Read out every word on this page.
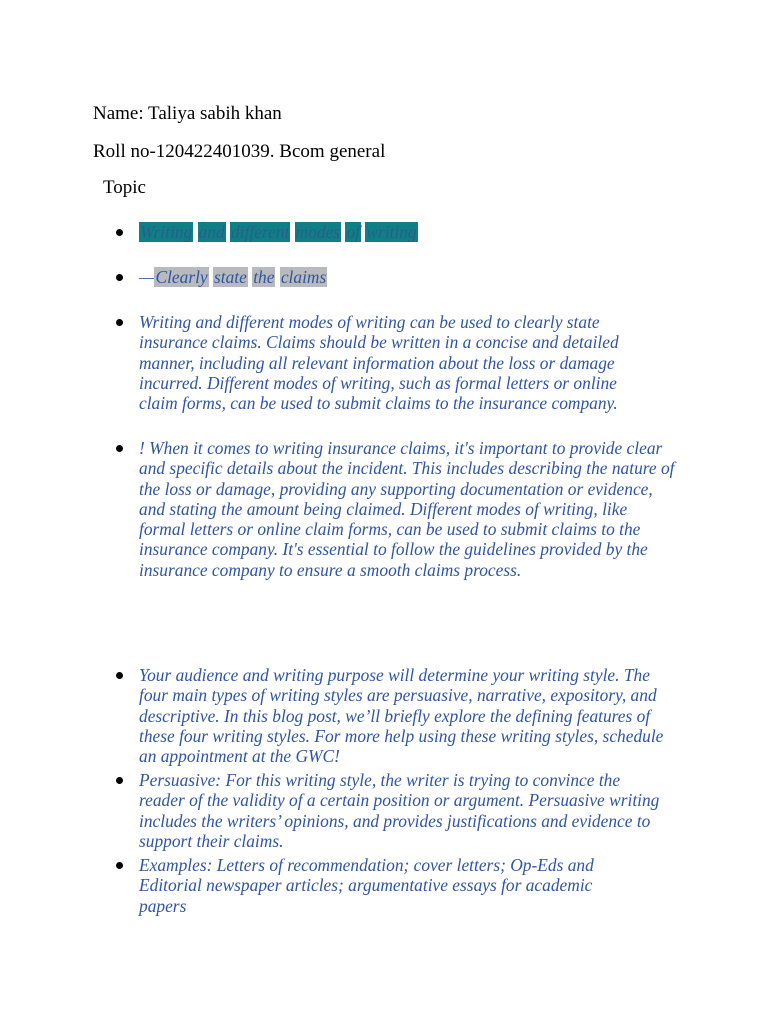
Name: Taliya sabih khan
Roll no-120422401039. Bcom general
Topic
Writing and different modes of writing
—Clearly state the claims
Writing and different modes of writing can be used to clearly state insurance claims. Claims should be written in a concise and detailed manner, including all relevant information about the loss or damage incurred. Different modes of writing, such as formal letters or online claim forms, can be used to submit claims to the insurance company.
! When it comes to writing insurance claims, it's important to provide clear and specific details about the incident. This includes describing the nature of the loss or damage, providing any supporting documentation or evidence, and stating the amount being claimed. Different modes of writing, like formal letters or online claim forms, can be used to submit claims to the insurance company. It's essential to follow the guidelines provided by the insurance company to ensure a smooth claims process.
Your audience and writing purpose will determine your writing style. The four main types of writing styles are persuasive, narrative, expository, and descriptive. In this blog post, we’ll briefly explore the defining features of these four writing styles. For more help using these writing styles, schedule an appointment at the GWC!
Persuasive: For this writing style, the writer is trying to convince the reader of the validity of a certain position or argument. Persuasive writing includes the writers’ opinions, and provides justifications and evidence to support their claims.
Examples: Letters of recommendation; cover letters; Op-Eds and Editorial newspaper articles; argumentative essays for academic papers
